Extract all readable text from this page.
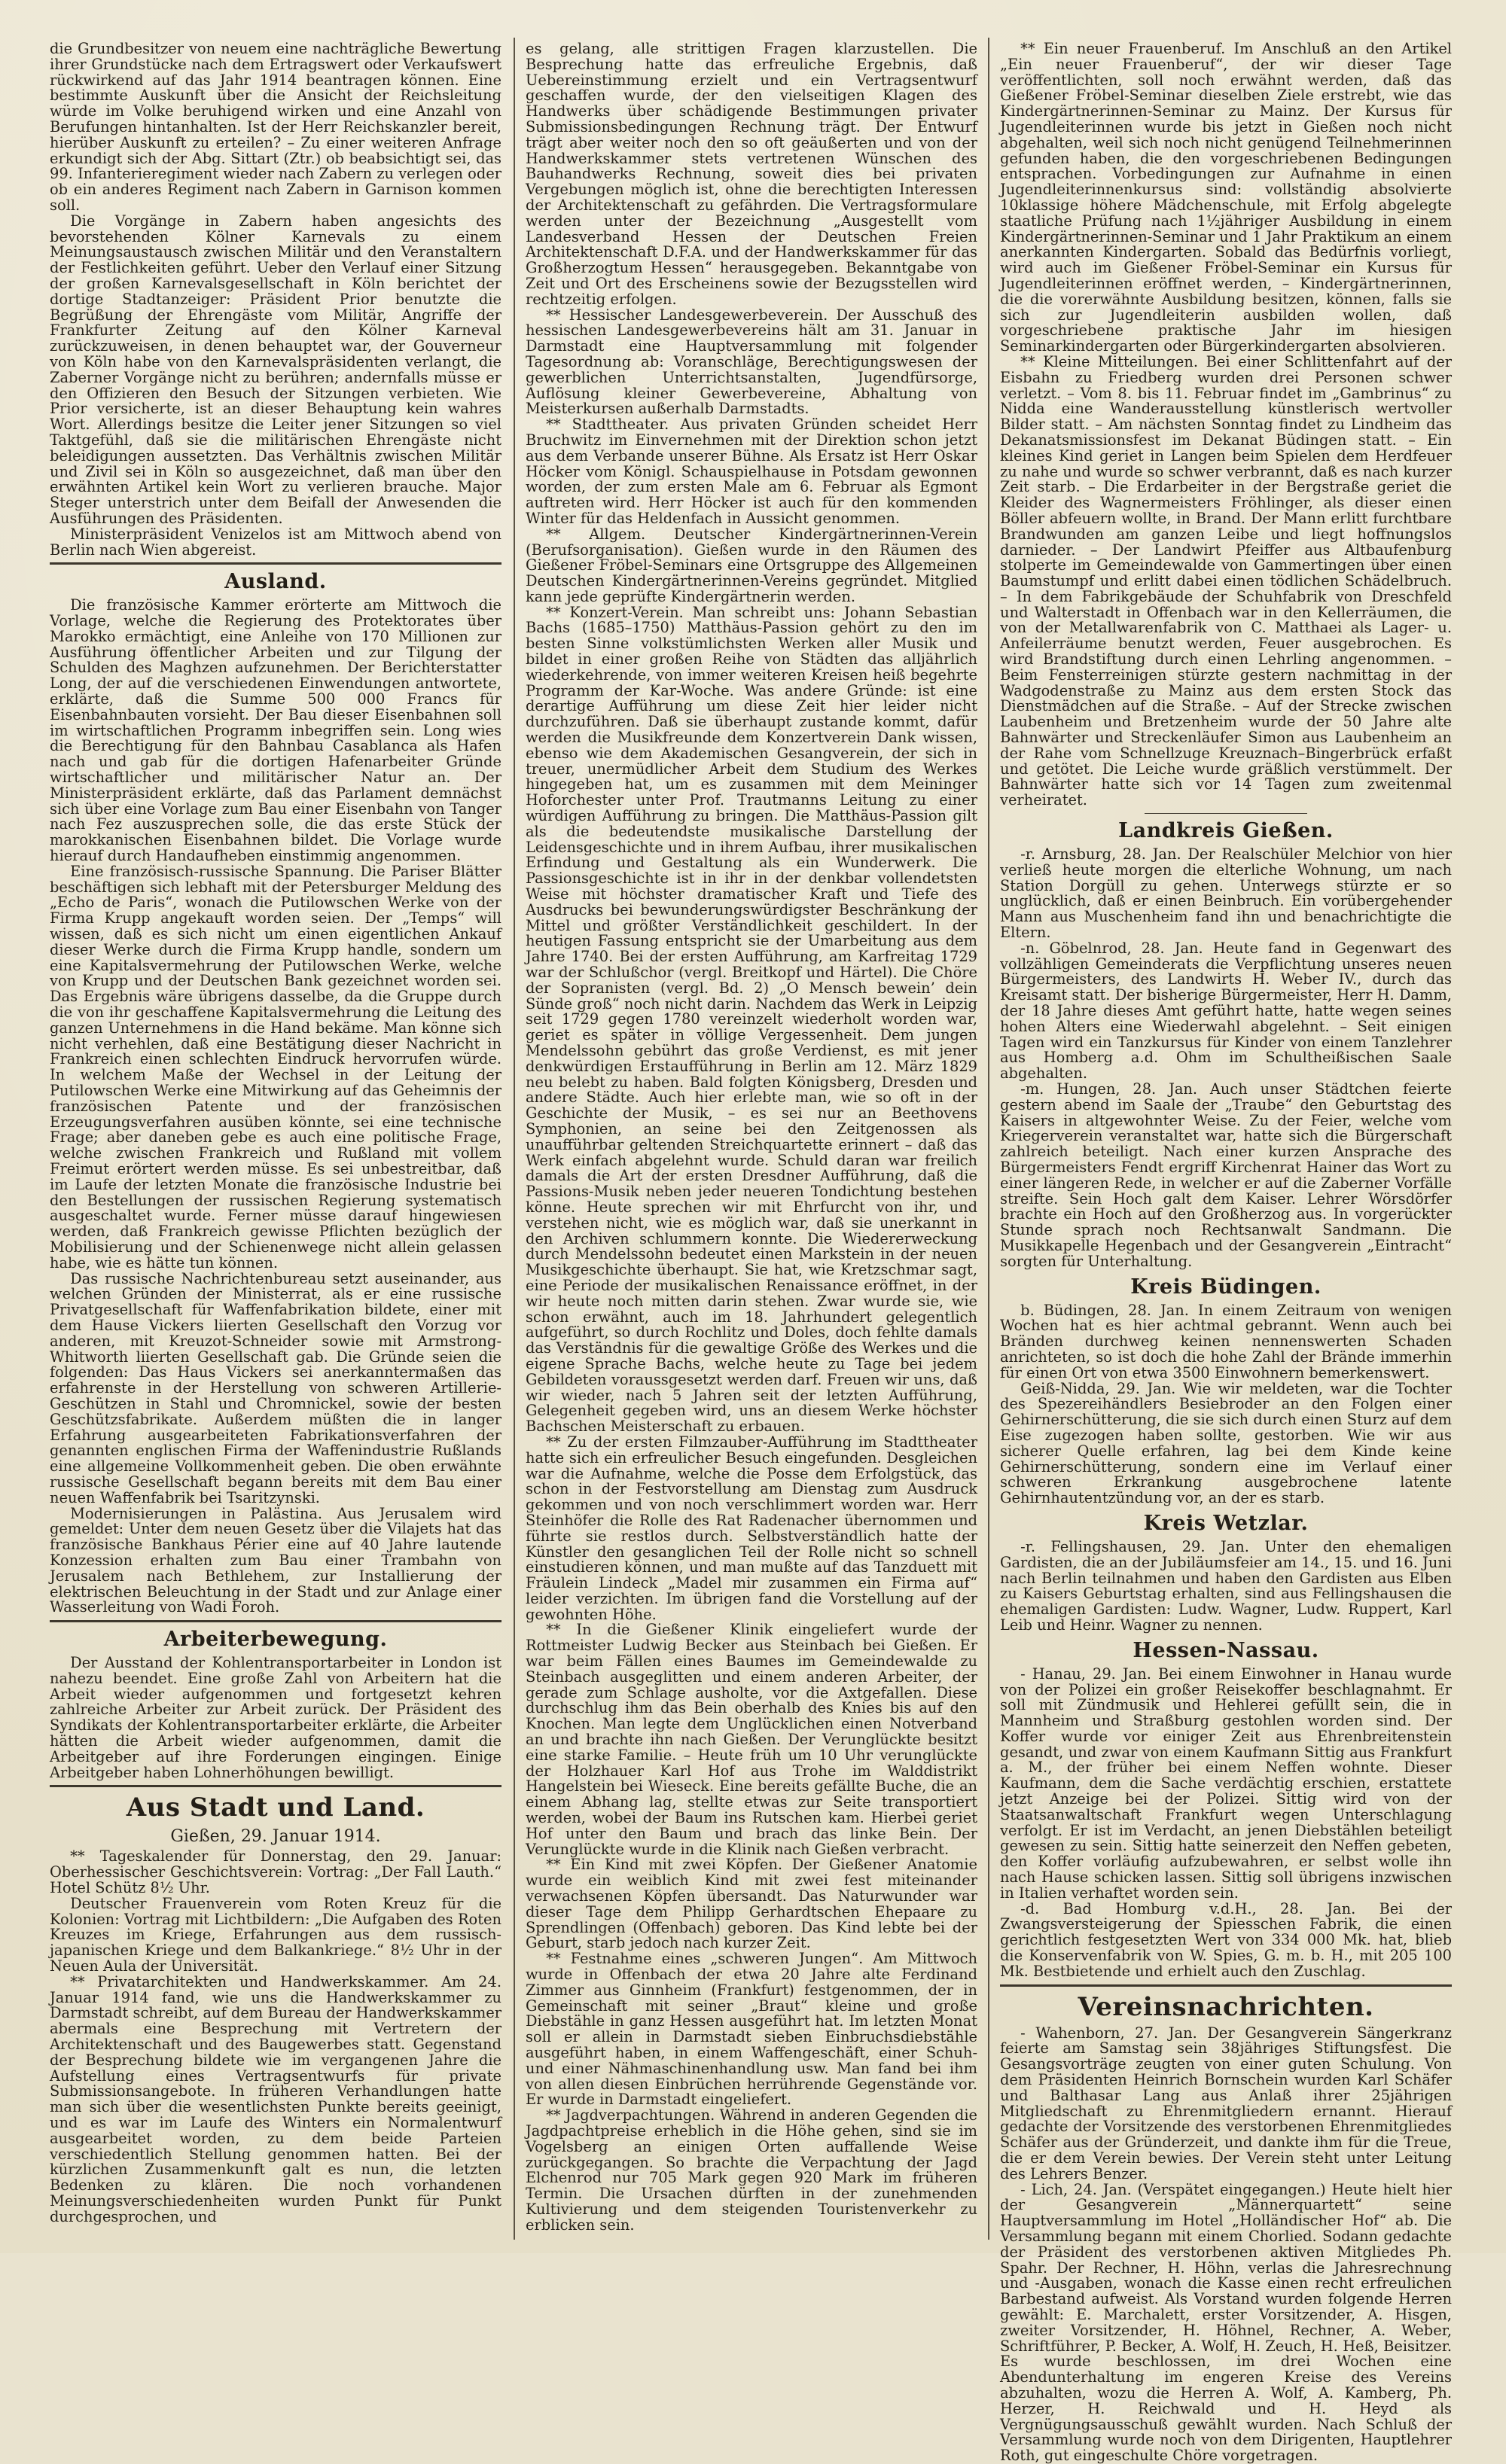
die Grundbesitzer von neuem eine nachträgliche Bewertung ihrer Grundstücke nach dem Ertragswert oder Verkaufswert rückwirkend auf das Jahr 1914 beantragen können. Eine bestimmte Auskunft über die Ansicht der Reichsleitung würde im Volke beruhigend wirken und eine Anzahl von Berufungen hintanhalten. Ist der Herr Reichskanzler bereit, hierüber Auskunft zu erteilen? – Zu einer weiteren Anfrage erkundigt sich der Abg. Sittart (Ztr.) ob beabsichtigt sei, das 99. Infanterieregiment wieder nach Zabern zu verlegen oder ob ein anderes Regiment nach Zabern in Garnison kommen soll.

Die Vorgänge in Zabern haben angesichts des bevorstehenden Kölner Karnevals zu einem Meinungsaustausch zwischen Militär und den Veranstaltern der Festlichkeiten geführt. Ueber den Verlauf einer Sitzung der großen Karnevalsgesellschaft in Köln berichtet der dortige Stadtanzeiger: Präsident Prior benutzte die Begrüßung der Ehrengäste vom Militär, Angriffe der Frankfurter Zeitung auf den Kölner Karneval zurückzuweisen, in denen behauptet war, der Gouverneur von Köln habe von den Karnevalspräsidenten verlangt, die Zaberner Vorgänge nicht zu berühren; andernfalls müsse er den Offizieren den Besuch der Sitzungen verbieten. Wie Prior versicherte, ist an dieser Behauptung kein wahres Wort. Allerdings besitze die Leiter jener Sitzungen so viel Taktgefühl, daß sie die militärischen Ehrengäste nicht beleidigungen aussetzten. Das Verhältnis zwischen Militär und Zivil sei in Köln so ausgezeichnet, daß man über den erwähnten Artikel kein Wort zu verlieren brauche. Major Steger unterstrich unter dem Beifall der Anwesenden die Ausführungen des Präsidenten.

Ministerpräsident Venizelos ist am Mittwoch abend von Berlin nach Wien abgereist.

Ausland.

Die französische Kammer erörterte am Mittwoch die Vorlage, welche die Regierung des Protektorates über Marokko ermächtigt, eine Anleihe von 170 Millionen zur Ausführung öffentlicher Arbeiten und zur Tilgung der Schulden des Maghzen aufzunehmen. Der Berichterstatter Long, der auf die verschiedenen Einwendungen antwortete, erklärte, daß die Summe 500 000 Francs für Eisenbahnbauten vorsieht. Der Bau dieser Eisenbahnen soll im wirtschaftlichen Programm inbegriffen sein. Long wies die Berechtigung für den Bahnbau Casablanca als Hafen nach und gab für die dortigen Hafenarbeiter Gründe wirtschaftlicher und militärischer Natur an. Der Ministerpräsident erklärte, daß das Parlament demnächst sich über eine Vorlage zum Bau einer Eisenbahn von Tanger nach Fez auszusprechen solle, die das erste Stück der marokkanischen Eisenbahnen bildet. Die Vorlage wurde hierauf durch Handaufheben einstimmig angenommen.

Eine französisch-russische Spannung. Die Pariser Blätter beschäftigen sich lebhaft mit der Petersburger Meldung des „Echo de Paris“, wonach die Putilowschen Werke von der Firma Krupp angekauft worden seien. Der „Temps“ will wissen, daß es sich nicht um einen eigentlichen Ankauf dieser Werke durch die Firma Krupp handle, sondern um eine Kapitalsvermehrung der Putilowschen Werke, welche von Krupp und der Deutschen Bank gezeichnet worden sei. Das Ergebnis wäre übrigens dasselbe, da die Gruppe durch die von ihr geschaffene Kapitalsvermehrung die Leitung des ganzen Unternehmens in die Hand bekäme. Man könne sich nicht verhehlen, daß eine Bestätigung dieser Nachricht in Frankreich einen schlechten Eindruck hervorrufen würde. In welchem Maße der Wechsel in der Leitung der Putilowschen Werke eine Mitwirkung auf das Geheimnis der französischen Patente und der französischen Erzeugungsverfahren ausüben könnte, sei eine technische Frage; aber daneben gebe es auch eine politische Frage, welche zwischen Frankreich und Rußland mit vollem Freimut erörtert werden müsse. Es sei unbestreitbar, daß im Laufe der letzten Monate die französische Industrie bei den Bestellungen der russischen Regierung systematisch ausgeschaltet wurde. Ferner müsse darauf hingewiesen werden, daß Frankreich gewisse Pflichten bezüglich der Mobilisierung und der Schienenwege nicht allein gelassen habe, wie es hätte tun können.

Das russische Nachrichtenbureau setzt auseinander, aus welchen Gründen der Ministerrat, als er eine russische Privatgesellschaft für Waffenfabrikation bildete, einer mit dem Hause Vickers liierten Gesellschaft den Vorzug vor anderen, mit Kreuzot-Schneider sowie mit Armstrong-Whitworth liierten Gesellschaft gab. Die Gründe seien die folgenden: Das Haus Vickers sei anerkanntermaßen das erfahrenste in der Herstellung von schweren Artillerie-Geschützen in Stahl und Chromnickel, sowie der besten Geschützsfabrikate. Außerdem müßten die in langer Erfahrung ausgearbeiteten Fabrikationsverfahren der genannten englischen Firma der Waffenindustrie Rußlands eine allgemeine Vollkommenheit geben. Die oben erwähnte russische Gesellschaft begann bereits mit dem Bau einer neuen Waffenfabrik bei Tsaritzynski.

Modernisierungen in Palästina. Aus Jerusalem wird gemeldet: Unter dem neuen Gesetz über die Vilajets hat das französische Bankhaus Périer eine auf 40 Jahre lautende Konzession erhalten zum Bau einer Trambahn von Jerusalem nach Bethlehem, zur Installierung der elektrischen Beleuchtung in der Stadt und zur Anlage einer Wasserleitung von Wadi Foroh.

Arbeiterbewegung.

Der Ausstand der Kohlentransportarbeiter in London ist nahezu beendet. Eine große Zahl von Arbeitern hat die Arbeit wieder aufgenommen und fortgesetzt kehren zahlreiche Arbeiter zur Arbeit zurück. Der Präsident des Syndikats der Kohlentransportarbeiter erklärte, die Arbeiter hätten die Arbeit wieder aufgenommen, damit die Arbeitgeber auf ihre Forderungen eingingen. Einige Arbeitgeber haben Lohnerhöhungen bewilligt.

Aus Stadt und Land.
Gießen, 29. Januar 1914.

** Tageskalender für Donnerstag, den 29. Januar: Oberhessischer Geschichtsverein: Vortrag: „Der Fall Lauth.“ Hotel Schütz 8½ Uhr.

Deutscher Frauenverein vom Roten Kreuz für die Kolonien: Vortrag mit Lichtbildern: „Die Aufgaben des Roten Kreuzes im Kriege, Erfahrungen aus dem russisch-japanischen Kriege und dem Balkankriege.“ 8½ Uhr in der Neuen Aula der Universität.

** Privatarchitekten und Handwerkskammer. Am 24. Januar 1914 fand, wie uns die Handwerkskammer zu Darmstadt schreibt, auf dem Bureau der Handwerkskammer abermals eine Besprechung mit Vertretern der Architektenschaft und des Baugewerbes statt. Gegenstand der Besprechung bildete wie im vergangenen Jahre die Aufstellung eines Vertragsentwurfs für private Submissionsangebote. In früheren Verhandlungen hatte man sich über die wesentlichsten Punkte bereits geeinigt, und es war im Laufe des Winters ein Normalentwurf ausgearbeitet worden, zu dem beide Parteien verschiedentlich Stellung genommen hatten. Bei der kürzlichen Zusammenkunft galt es nun, die letzten Bedenken zu klären. Die noch vorhandenen Meinungsverschiedenheiten wurden Punkt für Punkt durchgesprochen, und

es gelang, alle strittigen Fragen klarzustellen. Die Besprechung hatte das erfreuliche Ergebnis, daß Uebereinstimmung erzielt und ein Vertragsentwurf geschaffen wurde, der den vielseitigen Klagen des Handwerks über schädigende Bestimmungen privater Submissionsbedingungen Rechnung trägt. Der Entwurf trägt aber weiter noch den so oft geäußerten und von der Handwerkskammer stets vertretenen Wünschen des Bauhandwerks Rechnung, soweit dies bei privaten Vergebungen möglich ist, ohne die berechtigten Interessen der Architektenschaft zu gefährden. Die Vertragsformulare werden unter der Bezeichnung „Ausgestellt vom Landesverband Hessen der Deutschen Freien Architektenschaft D.F.A. und der Handwerkskammer für das Großherzogtum Hessen“ herausgegeben. Bekanntgabe von Zeit und Ort des Erscheinens sowie der Bezugsstellen wird rechtzeitig erfolgen.

** Hessischer Landesgewerbeverein. Der Ausschuß des hessischen Landesgewerbevereins hält am 31. Januar in Darmstadt eine Hauptversammlung mit folgender Tagesordnung ab: Voranschläge, Berechtigungswesen der gewerblichen Unterrichtsanstalten, Jugendfürsorge, Auflösung kleiner Gewerbevereine, Abhaltung von Meisterkursen außerhalb Darmstadts.

** Stadttheater. Aus privaten Gründen scheidet Herr Bruchwitz im Einvernehmen mit der Direktion schon jetzt aus dem Verbande unserer Bühne. Als Ersatz ist Herr Oskar Höcker vom Königl. Schauspielhause in Potsdam gewonnen worden, der zum ersten Male am 6. Februar als Egmont auftreten wird. Herr Höcker ist auch für den kommenden Winter für das Heldenfach in Aussicht genommen.

** Allgem. Deutscher Kindergärtnerinnen-Verein (Berufsorganisation). Gießen wurde in den Räumen des Gießener Fröbel-Seminars eine Ortsgruppe des Allgemeinen Deutschen Kindergärtnerinnen-Vereins gegründet. Mitglied kann jede geprüfte Kindergärtnerin werden.

** Konzert-Verein. Man schreibt uns: Johann Sebastian Bachs (1685–1750) Matthäus-Passion gehört zu den im besten Sinne volkstümlichsten Werken aller Musik und bildet in einer großen Reihe von Städten das alljährlich wiederkehrende, von immer weiteren Kreisen heiß begehrte Programm der Kar-Woche. Was andere Gründe: ist eine derartige Aufführung um diese Zeit hier leider nicht durchzuführen. Daß sie überhaupt zustande kommt, dafür werden die Musikfreunde dem Konzertverein Dank wissen, ebenso wie dem Akademischen Gesangverein, der sich in treuer, unermüdlicher Arbeit dem Studium des Werkes hingegeben hat, um es zusammen mit dem Meininger Hoforchester unter Prof. Trautmanns Leitung zu einer würdigen Aufführung zu bringen. Die Matthäus-Passion gilt als die bedeutendste musikalische Darstellung der Leidensgeschichte und in ihrem Aufbau, ihrer musikalischen Erfindung und Gestaltung als ein Wunderwerk. Die Passionsgeschichte ist in ihr in der denkbar vollendetsten Weise mit höchster dramatischer Kraft und Tiefe des Ausdrucks bei bewunderungswürdigster Beschränkung der Mittel und größter Verständlichkeit geschildert. In der heutigen Fassung entspricht sie der Umarbeitung aus dem Jahre 1740. Bei der ersten Aufführung, am Karfreitag 1729 war der Schlußchor (vergl. Breitkopf und Härtel). Die Chöre der Sopranisten (vergl. Bd. 2) „O Mensch bewein’ dein Sünde groß“ noch nicht darin. Nachdem das Werk in Leipzig seit 1729 gegen 1780 vereinzelt wiederholt worden war, geriet es später in völlige Vergessenheit. Dem jungen Mendelssohn gebührt das große Verdienst, es mit jener denkwürdigen Erstaufführung in Berlin am 12. März 1829 neu belebt zu haben. Bald folgten Königsberg, Dresden und andere Städte. Auch hier erlebte man, wie so oft in der Geschichte der Musik, – es sei nur an Beethovens Symphonien, an seine bei den Zeitgenossen als unaufführbar geltenden Streichquartette erinnert – daß das Werk einfach abgelehnt wurde. Schuld daran war freilich damals die Art der ersten Dresdner Aufführung, daß die Passions-Musik neben jeder neueren Tondichtung bestehen könne. Heute sprechen wir mit Ehrfurcht von ihr, und verstehen nicht, wie es möglich war, daß sie unerkannt in den Archiven schlummern konnte. Die Wiedererweckung durch Mendelssohn bedeutet einen Markstein in der neuen Musikgeschichte überhaupt. Sie hat, wie Kretzschmar sagt, eine Periode der musikalischen Renaissance eröffnet, in der wir heute noch mitten darin stehen. Zwar wurde sie, wie schon erwähnt, auch im 18. Jahrhundert gelegentlich aufgeführt, so durch Rochlitz und Doles, doch fehlte damals das Verständnis für die gewaltige Größe des Werkes und die eigene Sprache Bachs, welche heute zu Tage bei jedem Gebildeten voraussgesetzt werden darf. Freuen wir uns, daß wir wieder, nach 5 Jahren seit der letzten Aufführung, Gelegenheit gegeben wird, uns an diesem Werke höchster Bachschen Meisterschaft zu erbauen.

** Zu der ersten Filmzauber-Aufführung im Stadttheater hatte sich ein erfreulicher Besuch eingefunden. Desgleichen war die Aufnahme, welche die Posse dem Erfolgstück, das schon in der Festvorstellung am Dienstag zum Ausdruck gekommen und von noch verschlimmert worden war. Herr Steinhöfer die Rolle des Rat Radenacher übernommen und führte sie restlos durch. Selbstverständlich hatte der Künstler den gesanglichen Teil der Rolle nicht so schnell einstudieren können, und man mußte auf das Tanzduett mit Fräulein Lindeck „Madel mir zusammen ein Firma auf“ leider verzichten. Im übrigen fand die Vorstellung auf der gewohnten Höhe.

** In die Gießener Klinik eingeliefert wurde der Rottmeister Ludwig Becker aus Steinbach bei Gießen. Er war beim Fällen eines Baumes im Gemeindewalde zu Steinbach ausgeglitten und einem anderen Arbeiter, der gerade zum Schlage ausholte, vor die Axtgefallen. Diese durchschlug ihm das Bein oberhalb des Knies bis auf den Knochen. Man legte dem Unglücklichen einen Notverband an und brachte ihn nach Gießen. Der Verunglückte besitzt eine starke Familie. – Heute früh um 10 Uhr verunglückte der Holzhauer Karl Hof aus Trohe im Walddistrikt Hangelstein bei Wieseck. Eine bereits gefällte Buche, die an einem Abhang lag, stellte etwas zur Seite transportiert werden, wobei der Baum ins Rutschen kam. Hierbei geriet Hof unter den Baum und brach das linke Bein. Der Verunglückte wurde in die Klinik nach Gießen verbracht.

** Ein Kind mit zwei Köpfen. Der Gießener Anatomie wurde ein weiblich Kind mit zwei fest miteinander verwachsenen Köpfen übersandt. Das Naturwunder war dieser Tage dem Philipp Gerhardtschen Ehepaare zu Sprendlingen (Offenbach) geboren. Das Kind lebte bei der Geburt, starb jedoch nach kurzer Zeit.

** Festnahme eines „schweren Jungen“. Am Mittwoch wurde in Offenbach der etwa 20 Jahre alte Ferdinand Zimmer aus Ginnheim (Frankfurt) festgenommen, der in Gemeinschaft mit seiner „Braut“ kleine und große Diebstähle in ganz Hessen ausgeführt hat. Im letzten Monat soll er allein in Darmstadt sieben Einbruchsdiebstähle ausgeführt haben, in einem Waffengeschäft, einer Schuh- und einer Nähmaschinenhandlung usw. Man fand bei ihm von allen diesen Einbrüchen herrührende Gegenstände vor. Er wurde in Darmstadt eingeliefert.

** Jagdverpachtungen. Während in anderen Gegenden die Jagdpachtpreise erheblich in die Höhe gehen, sind sie im Vogelsberg an einigen Orten auffallende Weise zurückgegangen. So brachte die Verpachtung der Jagd Elchenrod nur 705 Mark gegen 920 Mark im früheren Termin. Die Ursachen dürften in der zunehmenden Kultivierung und dem steigenden Touristenverkehr zu erblicken sein.

** Ein neuer Frauenberuf. Im Anschluß an den Artikel „Ein neuer Frauenberuf“, der wir dieser Tage veröffentlichten, soll noch erwähnt werden, daß das Gießener Fröbel-Seminar dieselben Ziele erstrebt, wie das Kindergärtnerinnen-Seminar zu Mainz. Der Kursus für Jugendleiterinnen wurde bis jetzt in Gießen noch nicht abgehalten, weil sich noch nicht genügend Teilnehmerinnen gefunden haben, die den vorgeschriebenen Bedingungen entsprachen. Vorbedingungen zur Aufnahme in einen Jugendleiterinnenkursus sind: vollständig absolvierte 10klassige höhere Mädchenschule, mit Erfolg abgelegte staatliche Prüfung nach 1½jähriger Ausbildung in einem Kindergärtnerinnen-Seminar und 1 Jahr Praktikum an einem anerkannten Kindergarten. Sobald das Bedürfnis vorliegt, wird auch im Gießener Fröbel-Seminar ein Kursus für Jugendleiterinnen eröffnet werden, – Kindergärtnerinnen, die die vorerwähnte Ausbildung besitzen, können, falls sie sich zur Jugendleiterin ausbilden wollen, daß vorgeschriebene praktische Jahr im hiesigen Seminarkindergarten oder Bürgerkindergarten absolvieren.

** Kleine Mitteilungen. Bei einer Schlittenfahrt auf der Eisbahn zu Friedberg wurden drei Personen schwer verletzt. – Vom 8. bis 11. Februar findet im „Gambrinus“ zu Nidda eine Wanderausstellung künstlerisch wertvoller Bilder statt. – Am nächsten Sonntag findet zu Lindheim das Dekanatsmissionsfest im Dekanat Büdingen statt. – Ein kleines Kind geriet in Langen beim Spielen dem Herdfeuer zu nahe und wurde so schwer verbrannt, daß es nach kurzer Zeit starb. – Die Erdarbeiter in der Bergstraße geriet die Kleider des Wagnermeisters Fröhlinger, als dieser einen Böller abfeuern wollte, in Brand. Der Mann erlitt furchtbare Brandwunden am ganzen Leibe und liegt hoffnungslos darnieder. – Der Landwirt Pfeiffer aus Altbaufenburg stolperte im Gemeindewalde von Gammertingen über einen Baumstumpf und erlitt dabei einen tödlichen Schädelbruch. – In dem Fabrikgebäude der Schuhfabrik von Dreschfeld und Walterstadt in Offenbach war in den Kellerräumen, die von der Metallwarenfabrik von C. Matthaei als Lager- u. Anfeilerräume benutzt werden, Feuer ausgebrochen. Es wird Brandstiftung durch einen Lehrling angenommen. – Beim Fensterreinigen stürzte gestern nachmittag in der Wadgodenstraße zu Mainz aus dem ersten Stock das Dienstmädchen auf die Straße. – Auf der Strecke zwischen Laubenheim und Bretzenheim wurde der 50 Jahre alte Bahnwärter und Streckenläufer Simon aus Laubenheim an der Rahe vom Schnellzuge Kreuznach–Bingerbrück erfaßt und getötet. Die Leiche wurde gräßlich verstümmelt. Der Bahnwärter hatte sich vor 14 Tagen zum zweitenmal verheiratet.

Landkreis Gießen.

-r. Arnsburg, 28. Jan. Der Realschüler Melchior von hier verließ heute morgen die elterliche Wohnung, um nach Station Dorgüll zu gehen. Unterwegs stürzte er so unglücklich, daß er einen Beinbruch. Ein vorübergehender Mann aus Muschenheim fand ihn und benachrichtigte die Eltern.

-n. Göbelnrod, 28. Jan. Heute fand in Gegenwart des vollzähligen Gemeinderats die Verpflichtung unseres neuen Bürgermeisters, des Landwirts H. Weber IV., durch das Kreisamt statt. Der bisherige Bürgermeister, Herr H. Damm, der 18 Jahre dieses Amt geführt hatte, hatte wegen seines hohen Alters eine Wiederwahl abgelehnt. – Seit einigen Tagen wird ein Tanzkursus für Kinder von einem Tanzlehrer aus Homberg a.d. Ohm im Schultheißischen Saale abgehalten.

-m. Hungen, 28. Jan. Auch unser Städtchen feierte gestern abend im Saale der „Traube“ den Geburtstag des Kaisers in altgewohnter Weise. Zu der Feier, welche vom Kriegerverein veranstaltet war, hatte sich die Bürgerschaft zahlreich beteiligt. Nach einer kurzen Ansprache des Bürgermeisters Fendt ergriff Kirchenrat Hainer das Wort zu einer längeren Rede, in welcher er auf die Zaberner Vorfälle streifte. Sein Hoch galt dem Kaiser. Lehrer Wörsdörfer brachte ein Hoch auf den Großherzog aus. In vorgerückter Stunde sprach noch Rechtsanwalt Sandmann. Die Musikkapelle Hegenbach und der Gesangverein „Eintracht“ sorgten für Unterhaltung.

Kreis Büdingen.

b. Büdingen, 28. Jan. In einem Zeitraum von wenigen Wochen hat es hier achtmal gebrannt. Wenn auch bei Bränden durchweg keinen nennenswerten Schaden anrichteten, so ist doch die hohe Zahl der Brände immerhin für einen Ort von etwa 3500 Einwohnern bemerkenswert.

Geiß-Nidda, 29. Jan. Wie wir meldeten, war die Tochter des Spezereihändlers Besiebroder an den Folgen einer Gehirnerschütterung, die sie sich durch einen Sturz auf dem Eise zugezogen haben sollte, gestorben. Wie wir aus sicherer Quelle erfahren, lag bei dem Kinde keine Gehirnerschütterung, sondern eine im Verlauf einer schweren Erkrankung ausgebrochene latente Gehirnhautentzündung vor, an der es starb.

Kreis Wetzlar.

-r. Fellingshausen, 29. Jan. Unter den ehemaligen Gardisten, die an der Jubiläumsfeier am 14., 15. und 16. Juni nach Berlin teilnahmen und haben den Gardisten aus Elben zu Kaisers Geburtstag erhalten, sind aus Fellingshausen die ehemaligen Gardisten: Ludw. Wagner, Ludw. Ruppert, Karl Leib und Heinr. Wagner zu nennen.

Hessen-Nassau.

- Hanau, 29. Jan. Bei einem Einwohner in Hanau wurde von der Polizei ein großer Reisekoffer beschlagnahmt. Er soll mit Zündmusik und Hehlerei gefüllt sein, die in Mannheim und Straßburg gestohlen worden sind. Der Koffer wurde vor einiger Zeit aus Ehrenbreitenstein gesandt, und zwar von einem Kaufmann Sittig aus Frankfurt a. M., der früher bei einem Neffen wohnte. Dieser Kaufmann, dem die Sache verdächtig erschien, erstattete jetzt Anzeige bei der Polizei. Sittig wird von der Staatsanwaltschaft Frankfurt wegen Unterschlagung verfolgt. Er ist im Verdacht, an jenen Diebstählen beteiligt gewesen zu sein. Sittig hatte seinerzeit den Neffen gebeten, den Koffer vorläufig aufzubewahren, er selbst wolle ihn nach Hause schicken lassen. Sittig soll übrigens inzwischen in Italien verhaftet worden sein.

-d. Bad Homburg v.d.H., 28. Jan. Bei der Zwangsversteigerung der Spiesschen Fabrik, die einen gerichtlich festgesetzten Wert von 334 000 Mk. hat, blieb die Konservenfabrik von W. Spies, G. m. b. H., mit 205 100 Mk. Bestbietende und erhielt auch den Zuschlag.

Vereinsnachrichten.

- Wahenborn, 27. Jan. Der Gesangverein Sängerkranz feierte am Samstag sein 38jähriges Stiftungsfest. Die Gesangsvorträge zeugten von einer guten Schulung. Von dem Präsidenten Heinrich Bornschein wurden Karl Schäfer und Balthasar Lang aus Anlaß ihrer 25jährigen Mitgliedschaft zu Ehrenmitgliedern ernannt. Hierauf gedachte der Vorsitzende des verstorbenen Ehrenmitgliedes Schäfer aus der Gründerzeit, und dankte ihm für die Treue, die er dem Verein bewies. Der Verein steht unter Leitung des Lehrers Benzer.

- Lich, 24. Jan. (Verspätet eingegangen.) Heute hielt hier der Gesangverein „Männerquartett“ seine Hauptversammlung im Hotel „Holländischer Hof“ ab. Die Versammlung begann mit einem Chorlied. Sodann gedachte der Präsident des verstorbenen aktiven Mitgliedes Ph. Spahr. Der Rechner, H. Höhn, verlas die Jahresrechnung und -Ausgaben, wonach die Kasse einen recht erfreulichen Barbestand aufweist. Als Vorstand wurden folgende Herren gewählt: E. Marchalett, erster Vorsitzender, A. Hisgen, zweiter Vorsitzender, H. Höhnel, Rechner, A. Weber, Schriftführer, P. Becker, A. Wolf, H. Zeuch, H. Heß, Beisitzer. Es wurde beschlossen, im drei Wochen eine Abendunterhaltung im engeren Kreise des Vereins abzuhalten, wozu die Herren A. Wolf, A. Kamberg, Ph. Herzer, H. Reichwald und H. Heyd als Vergnügungsausschuß gewählt wurden. Nach Schluß der Versammlung wurde noch von dem Dirigenten, Hauptlehrer Roth, gut eingeschulte Chöre vorgetragen.
